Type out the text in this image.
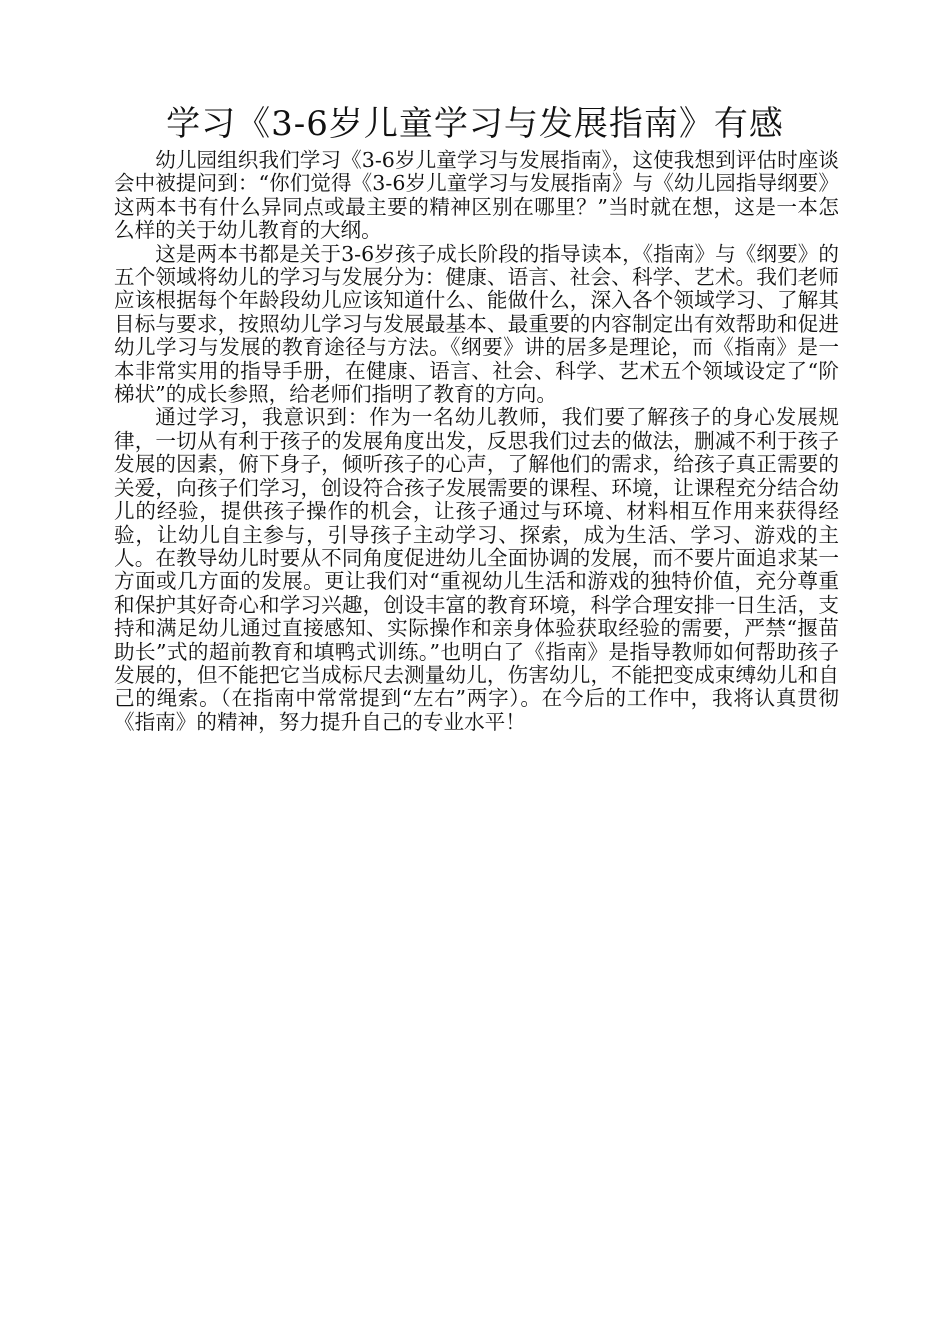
学习《3-6岁儿童学习与发展指南》有感

幼儿园组织我们学习《3-6岁儿童学习与发展指南》，这使我想到评估时座谈会中被提问到：“你们觉得《3-6岁儿童学习与发展指南》与《幼儿园指导纲要》这两本书有什么异同点或最主要的精神区别在哪里？”当时就在想，这是一本怎么样的关于幼儿教育的大纲。

这是两本书都是关于3-6岁孩子成长阶段的指导读本，《指南》与《纲要》的五个领域将幼儿的学习与发展分为：健康、语言、社会、科学、艺术。我们老师应该根据每个年龄段幼儿应该知道什么、能做什么，深入各个领域学习、了解其目标与要求，按照幼儿学习与发展最基本、最重要的内容制定出有效帮助和促进幼儿学习与发展的教育途径与方法。《纲要》讲的居多是理论，而《指南》是一本非常实用的指导手册，在健康、语言、社会、科学、艺术五个领域设定了“阶梯状”的成长参照，给老师们指明了教育的方向。

通过学习，我意识到：作为一名幼儿教师，我们要了解孩子的身心发展规律，一切从有利于孩子的发展角度出发，反思我们过去的做法，删减不利于孩子发展的因素，俯下身子，倾听孩子的心声，了解他们的需求，给孩子真正需要的关爱，向孩子们学习，创设符合孩子发展需要的课程、环境，让课程充分结合幼儿的经验，提供孩子操作的机会，让孩子通过与环境、材料相互作用来获得经验，让幼儿自主参与，引导孩子主动学习、探索，成为生活、学习、游戏的主人。在教导幼儿时要从不同角度促进幼儿全面协调的发展，而不要片面追求某一方面或几方面的发展。更让我们对“重视幼儿生活和游戏的独特价值，充分尊重和保护其好奇心和学习兴趣，创设丰富的教育环境，科学合理安排一日生活，支持和满足幼儿通过直接感知、实际操作和亲身体验获取经验的需要，严禁“揠苗助长”式的超前教育和填鸭式训练。”也明白了《指南》是指导教师如何帮助孩子发展的，但不能把它当成标尺去测量幼儿，伤害幼儿，不能把变成束缚幼儿和自己的绳索。（在指南中常常提到“左右”两字）。在今后的工作中，我将认真贯彻《指南》的精神，努力提升自己的专业水平！
